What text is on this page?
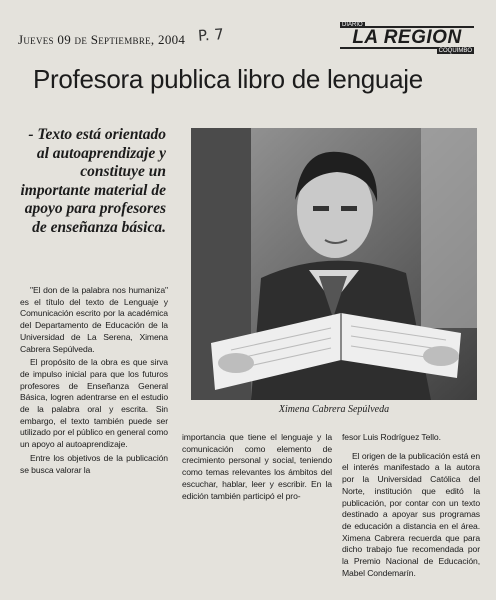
Jueves 09 de Septiembre, 2004 P. 7
DIARIO
LA REGION
COQUIMBO
Profesora publica libro de lenguaje

- Texto está orientado al autoaprendizaje y constituye un importante material de apoyo para profesores de enseñanza básica.

Ximena Cabrera Sepúlveda

"El don de la palabra nos humaniza" es el título del texto de Lenguaje y Comunicación escrito por la académica del Departamento de Educación de la Universidad de La Serena, Ximena Cabrera Sepúlveda.

El propósito de la obra es que sirva de impulso inicial para que los futuros profesores de Enseñanza General Básica, logren adentrarse en el estudio de la palabra oral y escrita. Sin embargo, el texto también puede ser utilizado por el público en general como un apoyo al autoaprendizaje.

Entre los objetivos de la publicación se busca valorar la

importancia que tiene el lenguaje y la comunicación como elemento de crecimiento personal y social, teniendo como temas relevantes los ámbitos del escuchar, hablar, leer y escribir. En la edición también participó el pro-

fesor Luis Rodríguez Tello.

El origen de la publicación está en el interés manifestado a la autora por la Universidad Católica del Norte, institución que editó la publicación, por contar con un texto destinado a apoyar sus programas de educación a distancia en el área. Ximena Cabrera recuerda que para dicho trabajo fue recomendada por la Premio Nacional de Educación, Mabel Condemarín.
